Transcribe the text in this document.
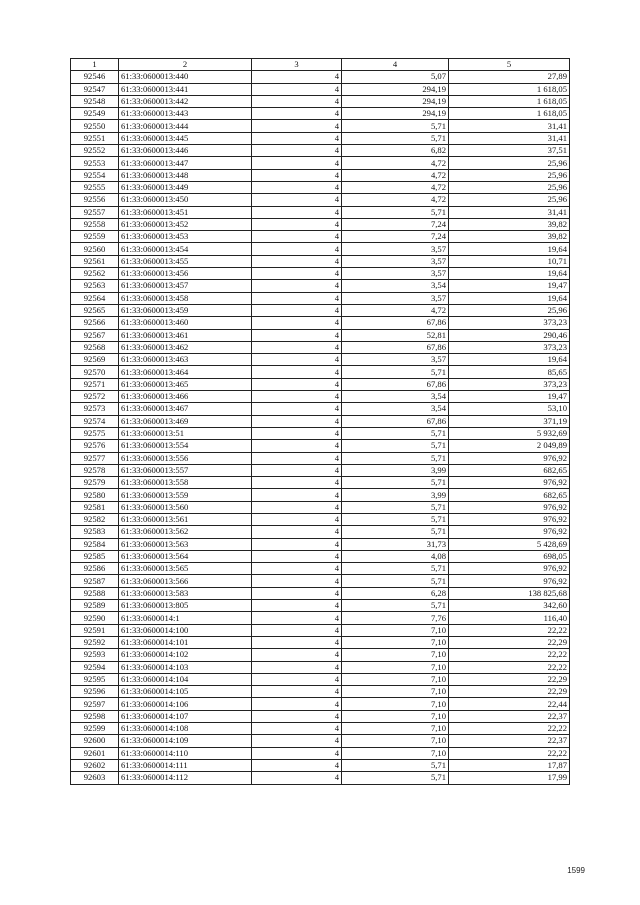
1	2	3	4	5
92546	61:33:0600013:440	4	5,07	27,89
92547	61:33:0600013:441	4	294,19	1 618,05
92548	61:33:0600013:442	4	294,19	1 618,05
92549	61:33:0600013:443	4	294,19	1 618,05
92550	61:33:0600013:444	4	5,71	31,41
92551	61:33:0600013:445	4	5,71	31,41
92552	61:33:0600013:446	4	6,82	37,51
92553	61:33:0600013:447	4	4,72	25,96
92554	61:33:0600013:448	4	4,72	25,96
92555	61:33:0600013:449	4	4,72	25,96
92556	61:33:0600013:450	4	4,72	25,96
92557	61:33:0600013:451	4	5,71	31,41
92558	61:33:0600013:452	4	7,24	39,82
92559	61:33:0600013:453	4	7,24	39,82
92560	61:33:0600013:454	4	3,57	19,64
92561	61:33:0600013:455	4	3,57	10,71
92562	61:33:0600013:456	4	3,57	19,64
92563	61:33:0600013:457	4	3,54	19,47
92564	61:33:0600013:458	4	3,57	19,64
92565	61:33:0600013:459	4	4,72	25,96
92566	61:33:0600013:460	4	67,86	373,23
92567	61:33:0600013:461	4	52,81	290,46
92568	61:33:0600013:462	4	67,86	373,23
92569	61:33:0600013:463	4	3,57	19,64
92570	61:33:0600013:464	4	5,71	85,65
92571	61:33:0600013:465	4	67,86	373,23
92572	61:33:0600013:466	4	3,54	19,47
92573	61:33:0600013:467	4	3,54	53,10
92574	61:33:0600013:469	4	67,86	371,19
92575	61:33:0600013:51	4	5,71	5 932,69
92576	61:33:0600013:554	4	5,71	2 049,89
92577	61:33:0600013:556	4	5,71	976,92
92578	61:33:0600013:557	4	3,99	682,65
92579	61:33:0600013:558	4	5,71	976,92
92580	61:33:0600013:559	4	3,99	682,65
92581	61:33:0600013:560	4	5,71	976,92
92582	61:33:0600013:561	4	5,71	976,92
92583	61:33:0600013:562	4	5,71	976,92
92584	61:33:0600013:563	4	31,73	5 428,69
92585	61:33:0600013:564	4	4,08	698,05
92586	61:33:0600013:565	4	5,71	976,92
92587	61:33:0600013:566	4	5,71	976,92
92588	61:33:0600013:583	4	6,28	138 825,68
92589	61:33:0600013:805	4	5,71	342,60
92590	61:33:0600014:1	4	7,76	116,40
92591	61:33:0600014:100	4	7,10	22,22
92592	61:33:0600014:101	4	7,10	22,29
92593	61:33:0600014:102	4	7,10	22,22
92594	61:33:0600014:103	4	7,10	22,22
92595	61:33:0600014:104	4	7,10	22,29
92596	61:33:0600014:105	4	7,10	22,29
92597	61:33:0600014:106	4	7,10	22,44
92598	61:33:0600014:107	4	7,10	22,37
92599	61:33:0600014:108	4	7,10	22,22
92600	61:33:0600014:109	4	7,10	22,37
92601	61:33:0600014:110	4	7,10	22,22
92602	61:33:0600014:111	4	5,71	17,87
92603	61:33:0600014:112	4	5,71	17,99
1599
